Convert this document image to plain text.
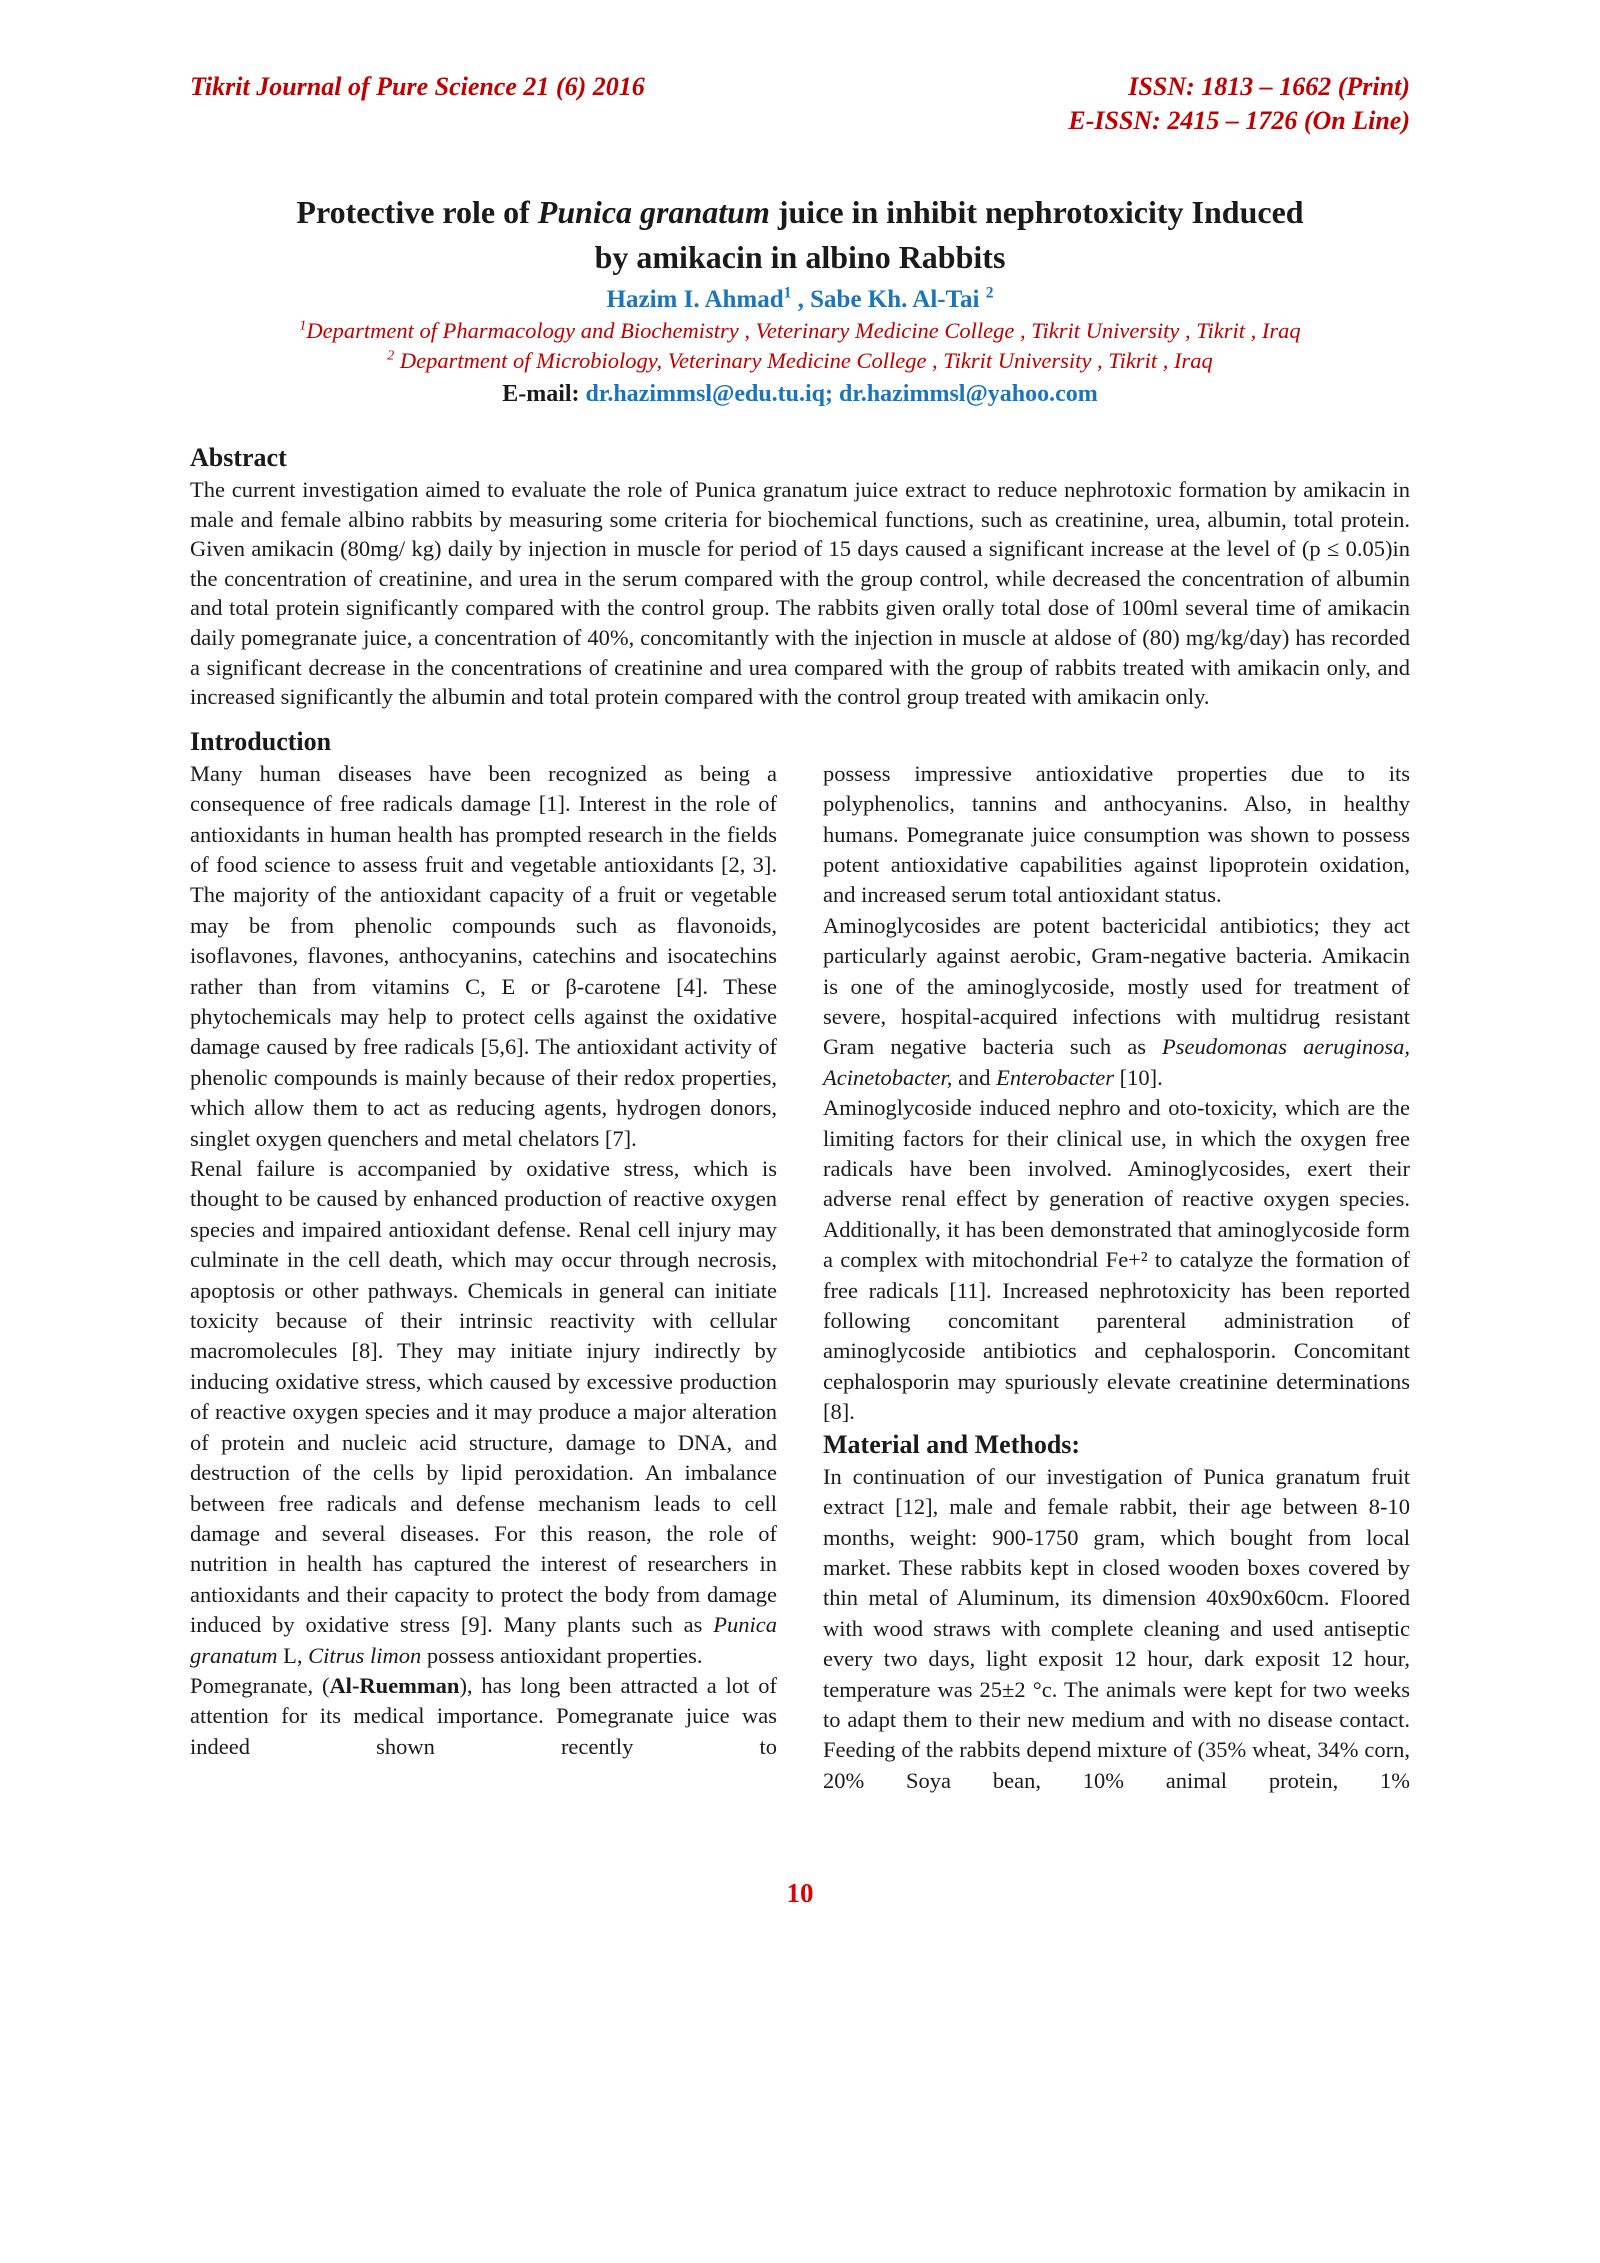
Tikrit Journal of Pure Science 21 (6) 2016	ISSN: 1813 – 1662 (Print)
E-ISSN: 2415 – 1726 (On Line)
Protective role of Punica granatum juice in inhibit nephrotoxicity Induced
by amikacin in albino Rabbits
Hazim I. Ahmad$^1$ , Sabe Kh. Al-Tai $^2$
$^1$Department of Pharmacology and Biochemistry , Veterinary Medicine College , Tikrit University , Tikrit , Iraq
$^2$ Department of Microbiology, Veterinary Medicine College , Tikrit University , Tikrit , Iraq
E-mail: dr.hazimmsl@edu.tu.iq; dr.hazimmsl@yahoo.com
Abstract

The current investigation aimed to evaluate the role of Punica granatum juice extract to reduce nephrotoxic formation by amikacin in male and female albino rabbits by measuring some criteria for biochemical functions, such as creatinine, urea, albumin, total protein. Given amikacin (80mg/ kg) daily by injection in muscle for period of 15 days caused a significant increase at the level of (p ≤ 0.05)in the concentration of creatinine, and urea in the serum compared with the group control, while decreased the concentration of albumin and total protein significantly compared with the control group. The rabbits given orally total dose of 100ml several time of amikacin daily pomegranate juice, a concentration of 40%, concomitantly with the injection in muscle at aldose of (80) mg/kg/day) has recorded a significant decrease in the concentrations of creatinine and urea compared with the group of rabbits treated with amikacin only, and increased significantly the albumin and total protein compared with the control group treated with amikacin only.

Introduction

Many human diseases have been recognized as being a consequence of free radicals damage [1]. Interest in the role of antioxidants in human health has prompted research in the fields of food science to assess fruit and vegetable antioxidants [2, 3]. The majority of the antioxidant capacity of a fruit or vegetable may be from phenolic compounds such as flavonoids, isoflavones, flavones, anthocyanins, catechins and isocatechins rather than from vitamins C, E or β-carotene [4]. These phytochemicals may help to protect cells against the oxidative damage caused by free radicals [5,6]. The antioxidant activity of phenolic compounds is mainly because of their redox properties, which allow them to act as reducing agents, hydrogen donors, singlet oxygen quenchers and metal chelators [7].

Renal failure is accompanied by oxidative stress, which is thought to be caused by enhanced production of reactive oxygen species and impaired antioxidant defense. Renal cell injury may culminate in the cell death, which may occur through necrosis, apoptosis or other pathways. Chemicals in general can initiate toxicity because of their intrinsic reactivity with cellular macromolecules [8]. They may initiate injury indirectly by inducing oxidative stress, which caused by excessive production of reactive oxygen species and it may produce a major alteration of protein and nucleic acid structure, damage to DNA, and destruction of the cells by lipid peroxidation. An imbalance between free radicals and defense mechanism leads to cell damage and several diseases. For this reason, the role of nutrition in health has captured the interest of researchers in antioxidants and their capacity to protect the body from damage induced by oxidative stress [9]. Many plants such as Punica granatum L, Citrus limon possess antioxidant properties.

Pomegranate, (Al-Ruemman), has long been attracted a lot of attention for its medical importance. Pomegranate juice was indeed shown recently to

possess impressive antioxidative properties due to its polyphenolics, tannins and anthocyanins. Also, in healthy humans. Pomegranate juice consumption was shown to possess potent antioxidative capabilities against lipoprotein oxidation, and increased serum total antioxidant status.

Aminoglycosides are potent bactericidal antibiotics; they act particularly against aerobic, Gram-negative bacteria. Amikacin is one of the aminoglycoside, mostly used for treatment of severe, hospital-acquired infections with multidrug resistant Gram negative bacteria such as Pseudomonas aeruginosa, Acinetobacter, and Enterobacter [10].

Aminoglycoside induced nephro and oto-toxicity, which are the limiting factors for their clinical use, in which the oxygen free radicals have been involved. Aminoglycosides, exert their adverse renal effect by generation of reactive oxygen species. Additionally, it has been demonstrated that aminoglycoside form a complex with mitochondrial Fe+² to catalyze the formation of free radicals [11]. Increased nephrotoxicity has been reported following concomitant parenteral administration of aminoglycoside antibiotics and cephalosporin. Concomitant cephalosporin may spuriously elevate creatinine determinations [8].

Material and Methods:

In continuation of our investigation of Punica granatum fruit extract [12], male and female rabbit, their age between 8-10 months, weight: 900-1750 gram, which bought from local market. These rabbits kept in closed wooden boxes covered by thin metal of Aluminum, its dimension 40x90x60cm. Floored with wood straws with complete cleaning and used antiseptic every two days, light exposit 12 hour, dark exposit 12 hour, temperature was 25±2 °c. The animals were kept for two weeks to adapt them to their new medium and with no disease contact. Feeding of the rabbits depend mixture of (35% wheat, 34% corn, 20% Soya bean, 10% animal protein, 1%

10
